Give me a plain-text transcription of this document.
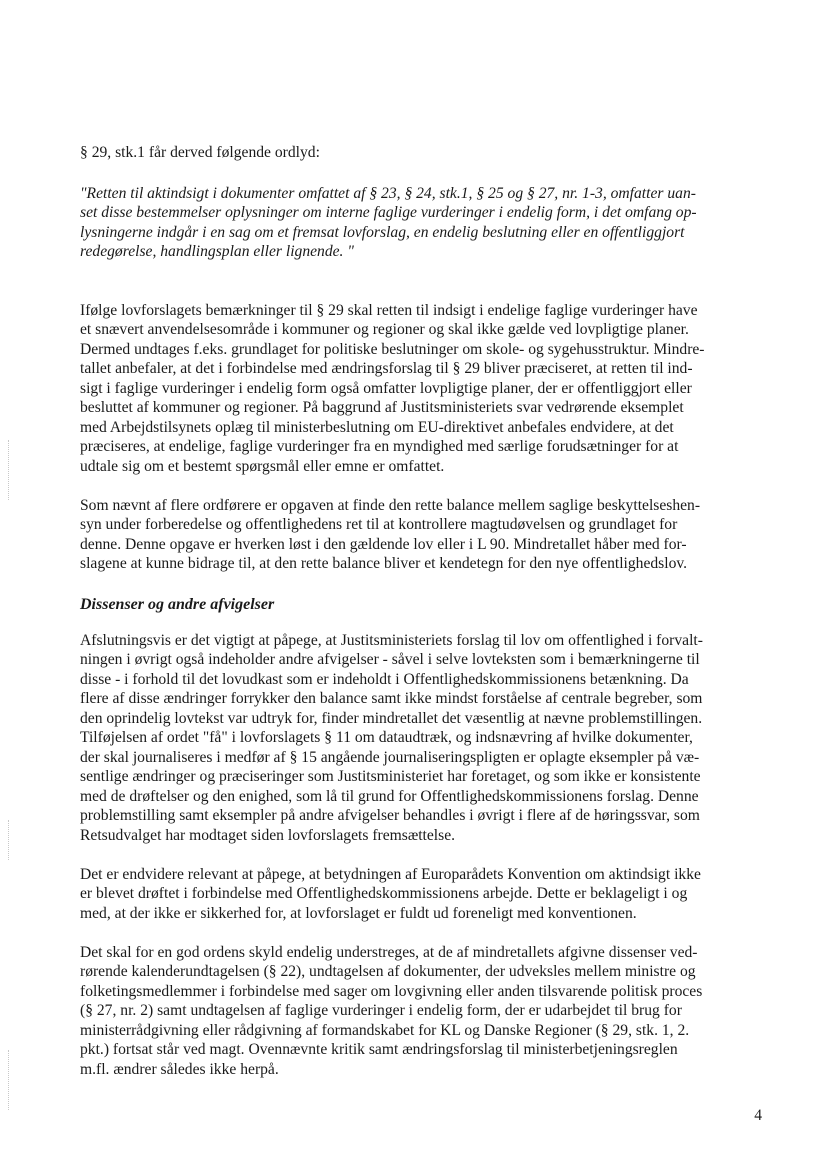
§ 29, stk.1 får derved følgende ordlyd:

"Retten til aktindsigt i dokumenter omfattet af § 23, § 24, stk.1, § 25 og § 27, nr. 1-3, omfatter uan-
set disse bestemmelser oplysninger om interne faglige vurderinger i endelig form, i det omfang op-
lysningerne indgår i en sag om et fremsat lovforslag, en endelig beslutning eller en offentliggjort
redegørelse, handlingsplan eller lignende. "

Ifølge lovforslagets bemærkninger til § 29 skal retten til indsigt i endelige faglige vurderinger have
et snævert anvendelsesområde i kommuner og regioner og skal ikke gælde ved lovpligtige planer.
Dermed undtages f.eks. grundlaget for politiske beslutninger om skole- og sygehusstruktur. Mindre-
tallet anbefaler, at det i forbindelse med ændringsforslag til § 29 bliver præciseret, at retten til ind-
sigt i faglige vurderinger i endelig form også omfatter lovpligtige planer, der er offentliggjort eller
besluttet af kommuner og regioner. På baggrund af Justitsministeriets svar vedrørende eksemplet
med Arbejdstilsynets oplæg til ministerbeslutning om EU-direktivet anbefales endvidere, at det
præciseres, at endelige, faglige vurderinger fra en myndighed med særlige forudsætninger for at
udtale sig om et bestemt spørgsmål eller emne er omfattet.

Som nævnt af flere ordførere er opgaven at finde den rette balance mellem saglige beskyttelseshen-
syn under forberedelse og offentlighedens ret til at kontrollere magtudøvelsen og grundlaget for
denne. Denne opgave er hverken løst i den gældende lov eller i L 90. Mindretallet håber med for-
slagene at kunne bidrage til, at den rette balance bliver et kendetegn for den nye offentlighedslov.

Dissenser og andre afvigelser

Afslutningsvis er det vigtigt at påpege, at Justitsministeriets forslag til lov om offentlighed i forvalt-
ningen i øvrigt også indeholder andre afvigelser - såvel i selve lovteksten som i bemærkningerne til
disse - i forhold til det lovudkast som er indeholdt i Offentlighedskommissionens betænkning. Da
flere af disse ændringer forrykker den balance samt ikke mindst forståelse af centrale begreber, som
den oprindelig lovtekst var udtryk for, finder mindretallet det væsentlig at nævne problemstillingen.
Tilføjelsen af ordet "få" i lovforslagets § 11 om dataudtræk, og indsnævring af hvilke dokumenter,
der skal journaliseres i medfør af § 15 angående journaliseringspligten er oplagte eksempler på væ-
sentlige ændringer og præciseringer som Justitsministeriet har foretaget, og som ikke er konsistente
med de drøftelser og den enighed, som lå til grund for Offentlighedskommissionens forslag. Denne
problemstilling samt eksempler på andre afvigelser behandles i øvrigt i flere af de høringssvar, som
Retsudvalget har modtaget siden lovforslagets fremsættelse.

Det er endvidere relevant at påpege, at betydningen af Europarådets Konvention om aktindsigt ikke
er blevet drøftet i forbindelse med Offentlighedskommissionens arbejde. Dette er beklageligt i og
med, at der ikke er sikkerhed for, at lovforslaget er fuldt ud foreneligt med konventionen.

Det skal for en god ordens skyld endelig understreges, at de af mindretallets afgivne dissenser ved-
rørende kalenderundtagelsen (§ 22), undtagelsen af dokumenter, der udveksles mellem ministre og
folketingsmedlemmer i forbindelse med sager om lovgivning eller anden tilsvarende politisk proces
(§ 27, nr. 2) samt undtagelsen af faglige vurderinger i endelig form, der er udarbejdet til brug for
ministerrådgivning eller rådgivning af formandskabet for KL og Danske Regioner (§ 29, stk. 1, 2.
pkt.) fortsat står ved magt. Ovennævnte kritik samt ændringsforslag til ministerbetjeningsreglen
m.fl. ændrer således ikke herpå.

4
